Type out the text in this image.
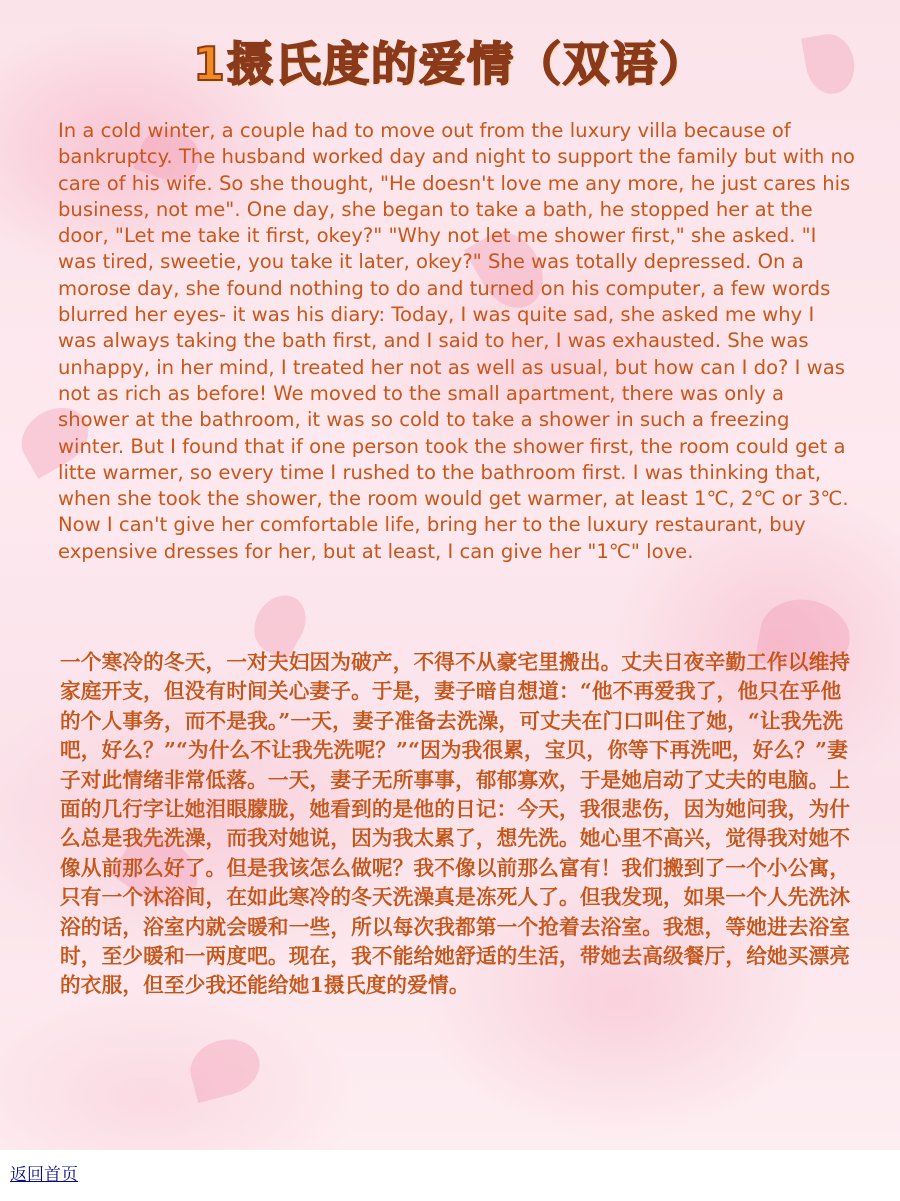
1摄氏度的爱情（双语）

In a cold winter, a couple had to move out from the luxury villa because of bankruptcy. The husband worked day and night to support the family but with no care of his wife. So she thought, "He doesn't love me any more, he just cares his business, not me". One day, she began to take a bath, he stopped her at the door, "Let me take it first, okey?" "Why not let me shower first," she asked. "I was tired, sweetie, you take it later, okey?" She was totally depressed. On a morose day, she found nothing to do and turned on his computer, a few words blurred her eyes- it was his diary: Today, I was quite sad, she asked me why I was always taking the bath first, and I said to her, I was exhausted. She was unhappy, in her mind, I treated her not as well as usual, but how can I do? I was not as rich as before! We moved to the small apartment, there was only a shower at the bathroom, it was so cold to take a shower in such a freezing winter. But I found that if one person took the shower first, the room could get a litte warmer, so every time I rushed to the bathroom first. I was thinking that, when she took the shower, the room would get warmer, at least 1℃, 2℃ or 3℃. Now I can't give her comfortable life, bring her to the luxury restaurant, buy expensive dresses for her, but at least, I can give her "1℃" love.

一个寒冷的冬天，一对夫妇因为破产，不得不从豪宅里搬出。丈夫日夜辛勤工作以维持家庭开支，但没有时间关心妻子。于是，妻子暗自想道：“他不再爱我了，他只在乎他的个人事务，而不是我。”一天，妻子准备去洗澡，可丈夫在门口叫住了她，“让我先洗吧，好么？”“为什么不让我先洗呢？”“因为我很累，宝贝，你等下再洗吧，好么？”妻子对此情绪非常低落。一天，妻子无所事事，郁郁寡欢，于是她启动了丈夫的电脑。上面的几行字让她泪眼朦胧，她看到的是他的日记：今天，我很悲伤，因为她问我，为什么总是我先洗澡，而我对她说，因为我太累了，想先洗。她心里不高兴，觉得我对她不像从前那么好了。但是我该怎么做呢？我不像以前那么富有！我们搬到了一个小公寓，只有一个沐浴间，在如此寒冷的冬天洗澡真是冻死人了。但我发现，如果一个人先洗沐浴的话，浴室内就会暖和一些，所以每次我都第一个抢着去浴室。我想，等她进去浴室时，至少暖和一两度吧。现在，我不能给她舒适的生活，带她去高级餐厅，给她买漂亮的衣服，但至少我还能给她1摄氏度的爱情。

返回首页
